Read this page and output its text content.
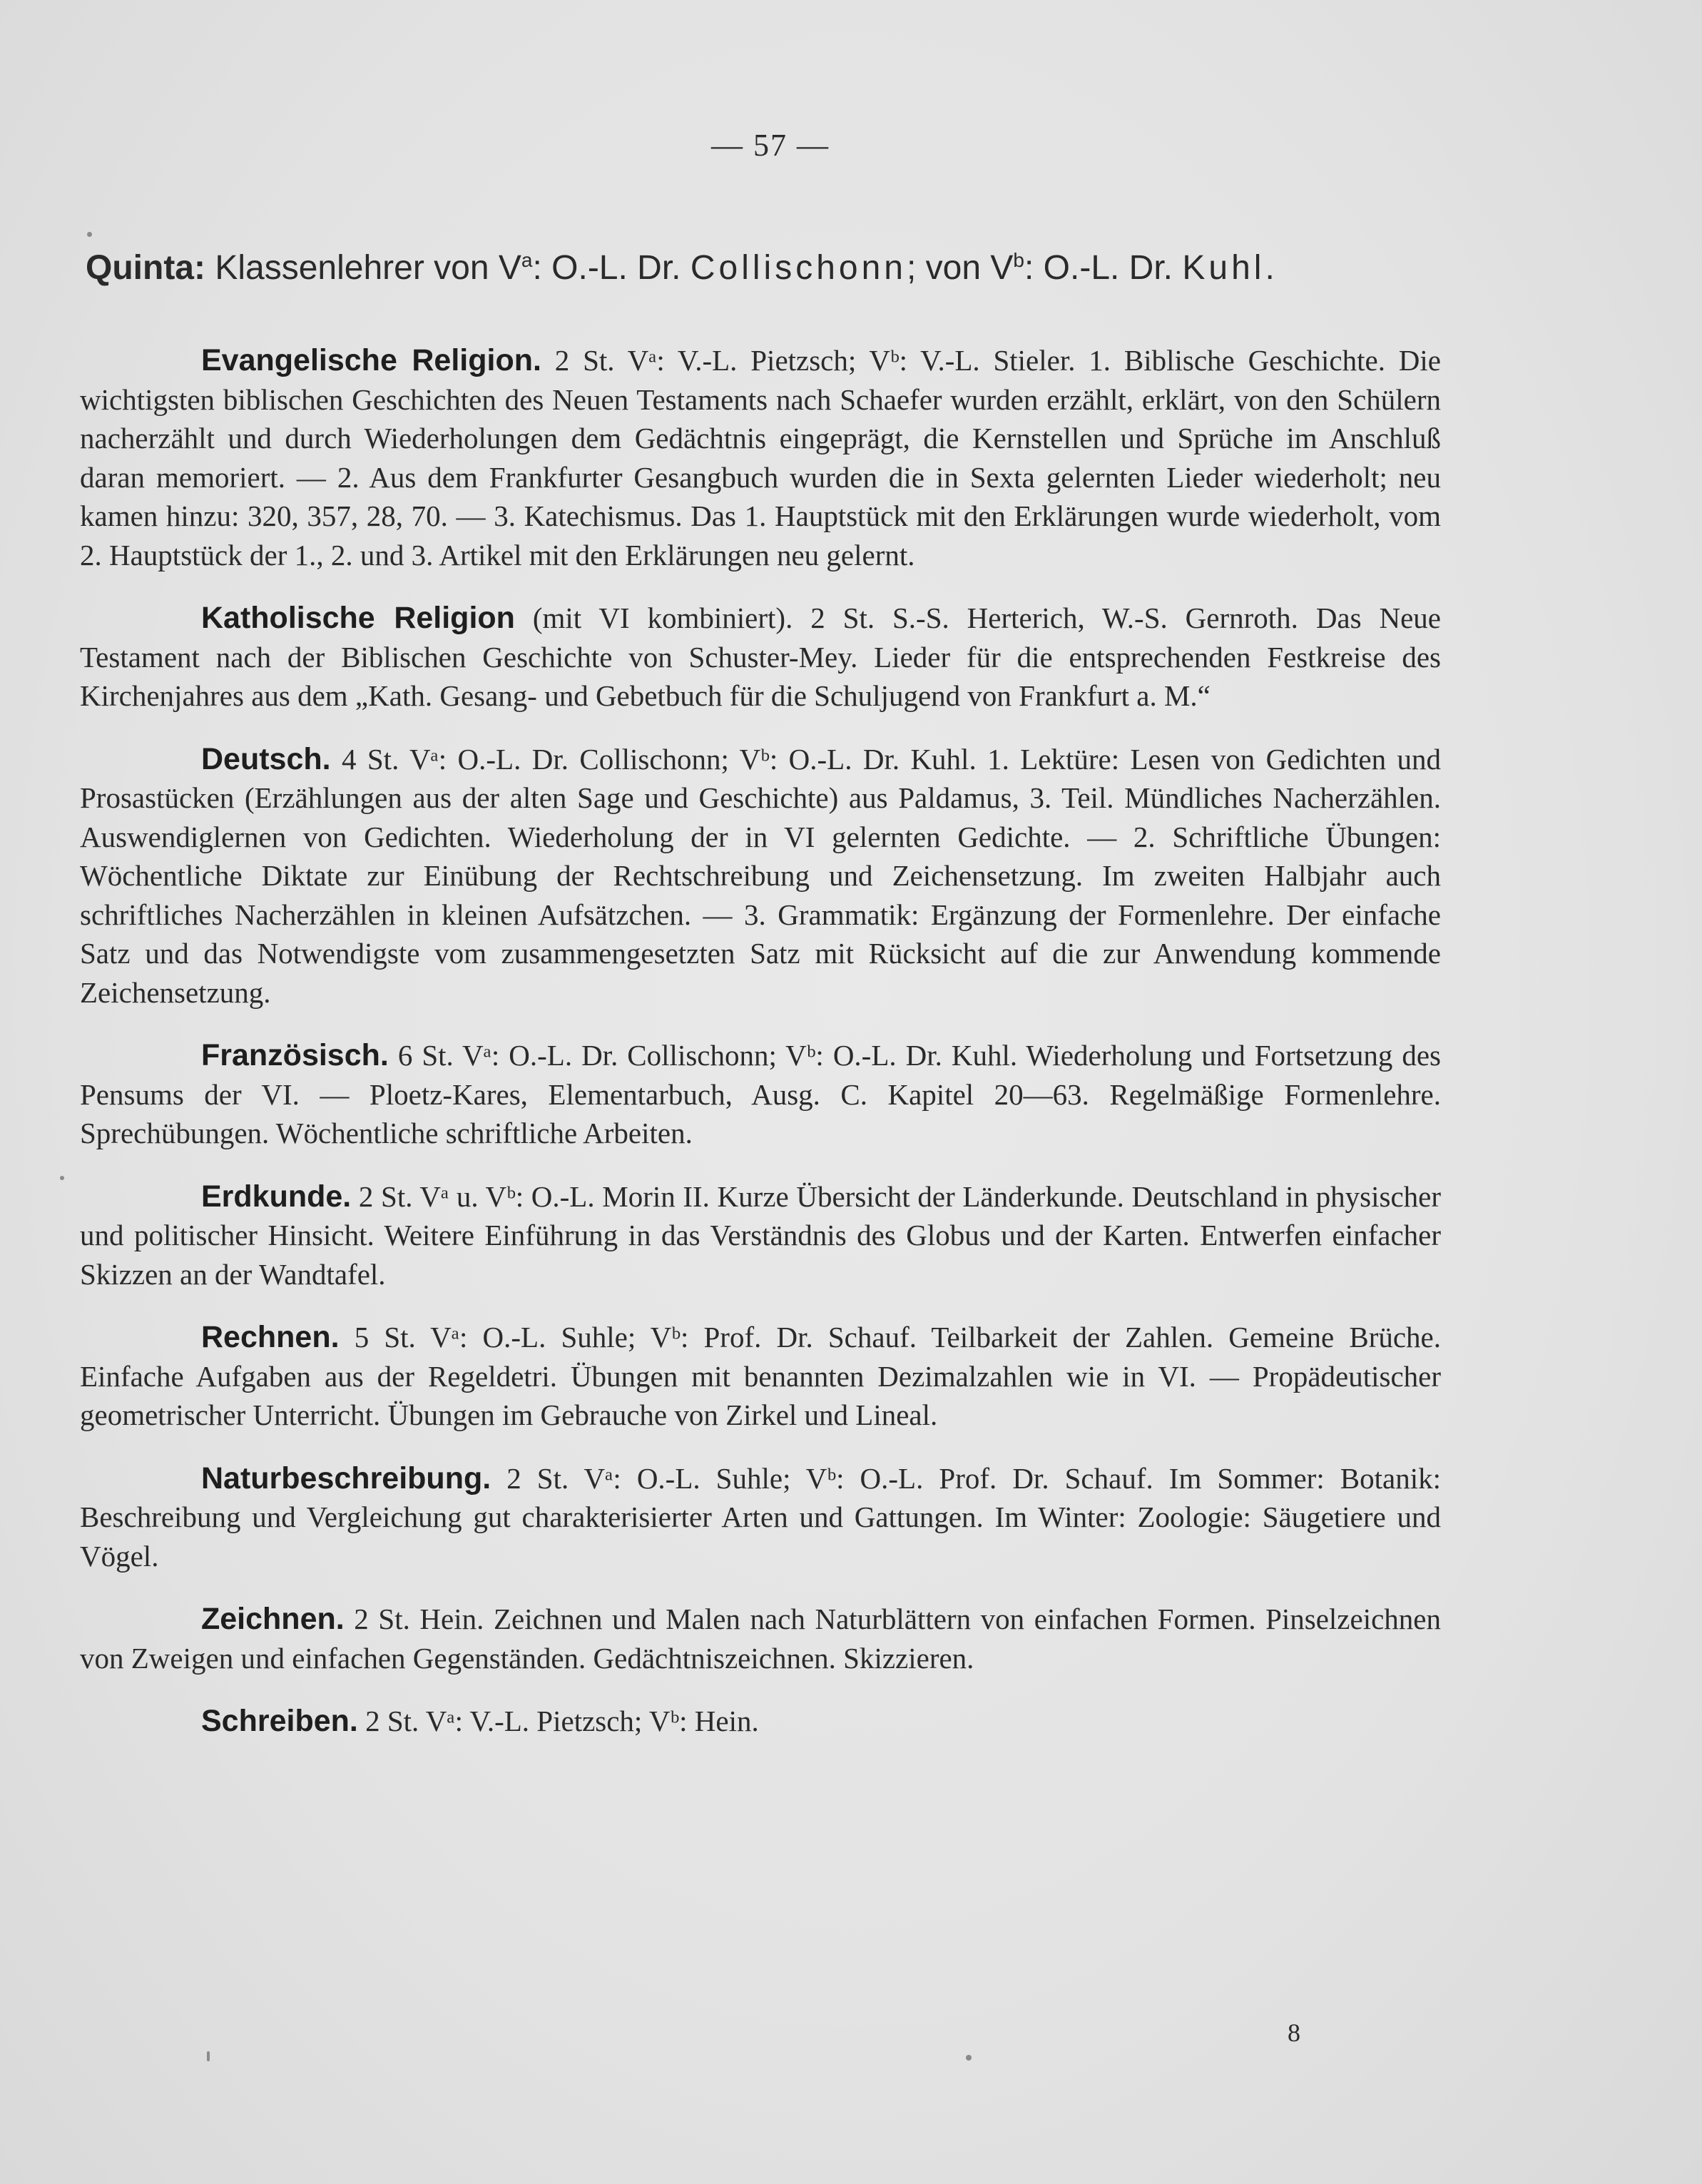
— 57 —
Quinta: Klassenlehrer von $V^a$: O.-L. Dr. Collischonn; von $V^b$: O.-L. Dr. Kuhl.

Evangelische Religion. 2 St. Vᵃ: V.-L. Pietzsch; Vᵇ: V.-L. Stieler. 1. Biblische Geschichte. Die wichtigsten biblischen Geschichten des Neuen Testaments nach Schaefer wurden erzählt, erklärt, von den Schülern nacherzählt und durch Wiederholungen dem Gedächtnis eingeprägt, die Kernstellen und Sprüche im Anschluß daran memoriert. — 2. Aus dem Frankfurter Gesangbuch wurden die in Sexta gelernten Lieder wiederholt; neu kamen hinzu: 320, 357, 28, 70. — 3. Katechismus. Das 1. Hauptstück mit den Erklärungen wurde wiederholt, vom 2. Hauptstück der 1., 2. und 3. Artikel mit den Erklärungen neu gelernt.

Katholische Religion (mit VI kombiniert). 2 St. S.-S. Herterich, W.-S. Gernroth. Das Neue Testament nach der Biblischen Geschichte von Schuster-Mey. Lieder für die entsprechenden Festkreise des Kirchenjahres aus dem „Kath. Gesang- und Gebetbuch für die Schuljugend von Frankfurt a. M.“

Deutsch. 4 St. Vᵃ: O.-L. Dr. Collischonn; Vᵇ: O.-L. Dr. Kuhl. 1. Lektüre: Lesen von Gedichten und Prosastücken (Erzählungen aus der alten Sage und Geschichte) aus Paldamus, 3. Teil. Mündliches Nacherzählen. Auswendiglernen von Gedichten. Wiederholung der in VI gelernten Gedichte. — 2. Schriftliche Übungen: Wöchentliche Diktate zur Einübung der Rechtschreibung und Zeichensetzung. Im zweiten Halbjahr auch schriftliches Nacherzählen in kleinen Aufsätzchen. — 3. Grammatik: Ergänzung der Formenlehre. Der einfache Satz und das Notwendigste vom zusammengesetzten Satz mit Rücksicht auf die zur Anwendung kommende Zeichensetzung.

Französisch. 6 St. Vᵃ: O.-L. Dr. Collischonn; Vᵇ: O.-L. Dr. Kuhl. Wiederholung und Fortsetzung des Pensums der VI. — Ploetz-Kares, Elementarbuch, Ausg. C. Kapitel 20—63. Regelmäßige Formenlehre. Sprechübungen. Wöchentliche schriftliche Arbeiten.

Erdkunde. 2 St. Vᵃ u. Vᵇ: O.-L. Morin II. Kurze Übersicht der Länderkunde. Deutschland in physischer und politischer Hinsicht. Weitere Einführung in das Verständnis des Globus und der Karten. Entwerfen einfacher Skizzen an der Wandtafel.

Rechnen. 5 St. Vᵃ: O.-L. Suhle; Vᵇ: Prof. Dr. Schauf. Teilbarkeit der Zahlen. Gemeine Brüche. Einfache Aufgaben aus der Regeldetri. Übungen mit benannten Dezimalzahlen wie in VI. — Propädeutischer geometrischer Unterricht. Übungen im Gebrauche von Zirkel und Lineal.

Naturbeschreibung. 2 St. Vᵃ: O.-L. Suhle; Vᵇ: O.-L. Prof. Dr. Schauf. Im Sommer: Botanik: Beschreibung und Vergleichung gut charakterisierter Arten und Gattungen. Im Winter: Zoologie: Säugetiere und Vögel.

Zeichnen. 2 St. Hein. Zeichnen und Malen nach Naturblättern von einfachen Formen. Pinselzeichnen von Zweigen und einfachen Gegenständen. Gedächtniszeichnen. Skizzieren.

Schreiben. 2 St. Vᵃ: V.-L. Pietzsch; Vᵇ: Hein.

8
